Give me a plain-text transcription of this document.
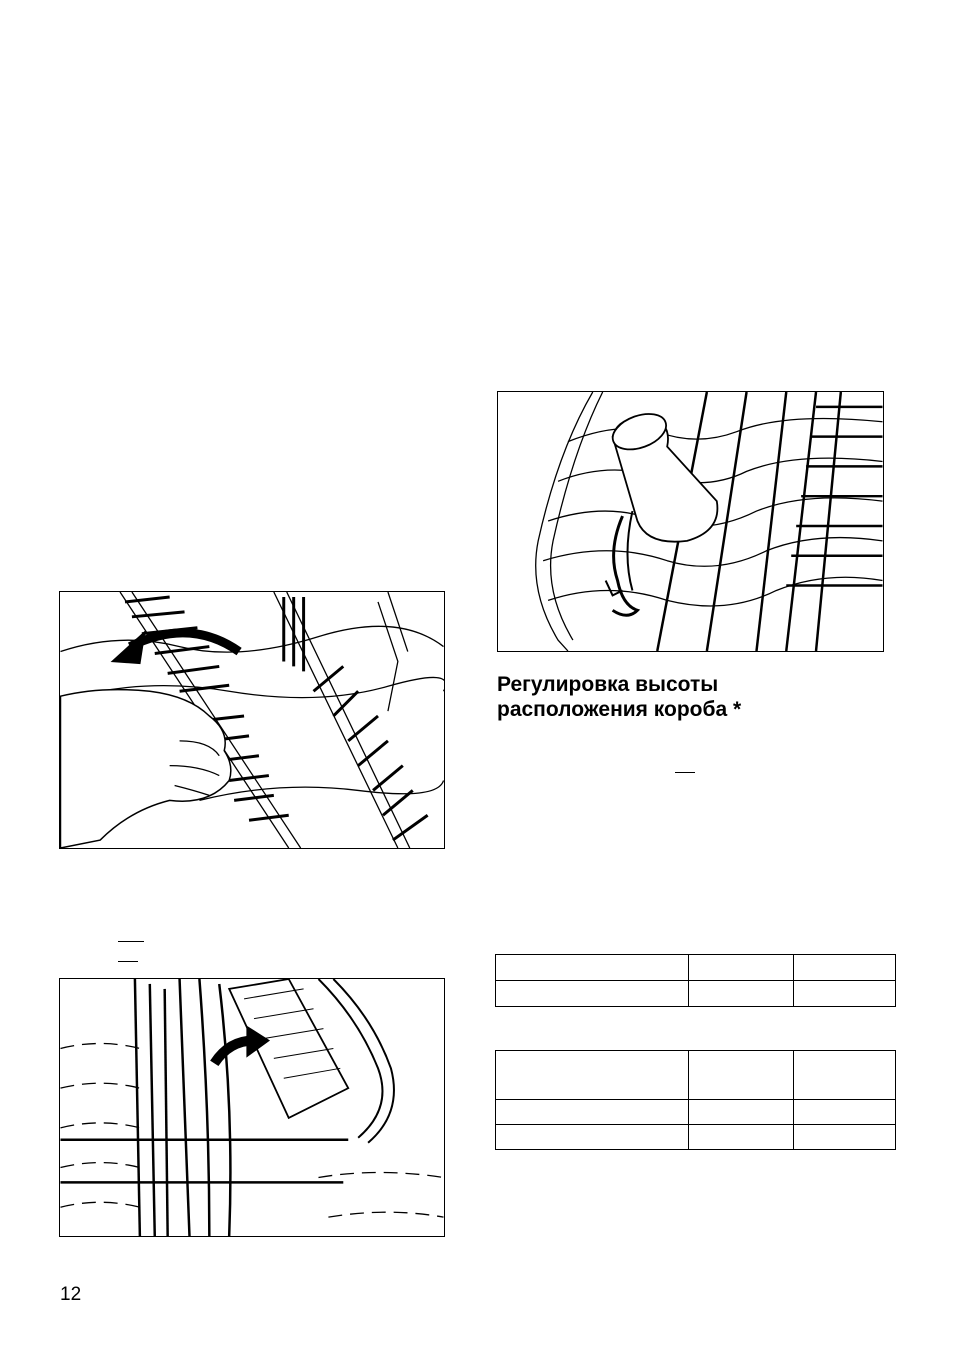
Регулировка высоты
расположения короба *

12
